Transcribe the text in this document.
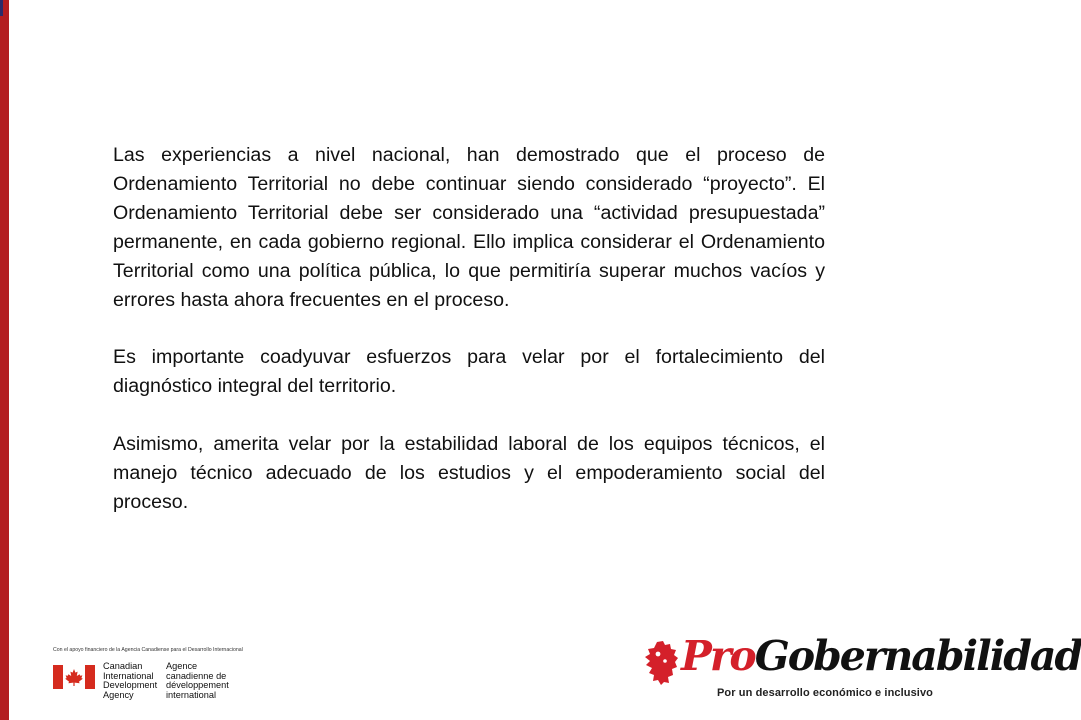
Las experiencias a nivel nacional, han demostrado que el proceso de Ordenamiento Territorial no debe continuar siendo considerado “proyecto”. El Ordenamiento Territorial debe ser considerado una “actividad presupuestada” permanente, en cada gobierno regional. Ello implica considerar el Ordenamiento Territorial como una política pública, lo que permitiría superar muchos vacíos y errores hasta ahora frecuentes en el proceso.

Es importante coadyuvar esfuerzos para velar por el fortalecimiento del diagnóstico integral del territorio.

Asimismo, amerita velar por la estabilidad laboral de los equipos técnicos, el manejo técnico adecuado de los estudios y el empoderamiento social del proceso.

Con el apoyo financiero de la Agencia Canadiense para el Desarrollo Internacional
Canadian
International
Development
Agency
Agence
canadienne de
développement
international
ProGobernabilidad
Por un desarrollo económico e inclusivo
